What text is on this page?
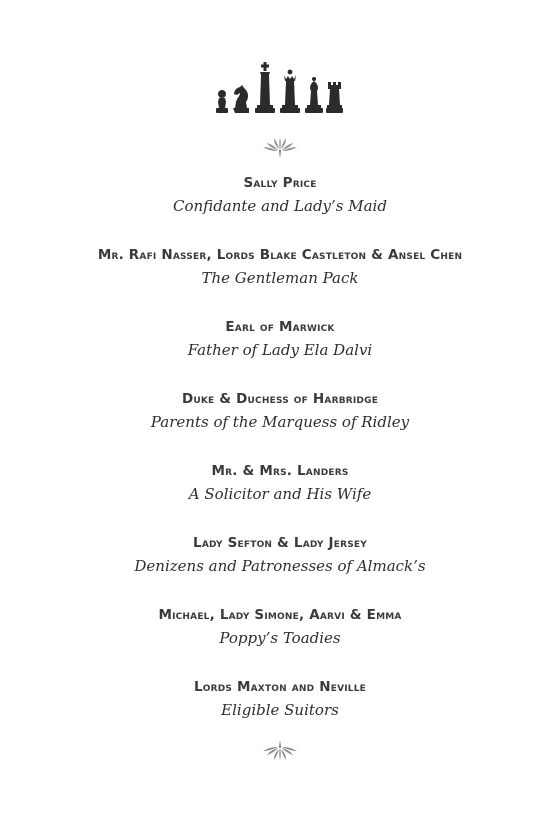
Sally Price
Confidante and Lady’s Maid
Mr. Rafi Nasser, Lords Blake Castleton & Ansel Chen
The Gentleman Pack
Earl of Marwick
Father of Lady Ela Dalvi
Duke & Duchess of Harbridge
Parents of the Marquess of Ridley
Mr. & Mrs. Landers
A Solicitor and His Wife
Lady Sefton & Lady Jersey
Denizens and Patronesses of Almack’s
Michael, Lady Simone, Aarvi & Emma
Poppy’s Toadies
Lords Maxton and Neville
Eligible Suitors
